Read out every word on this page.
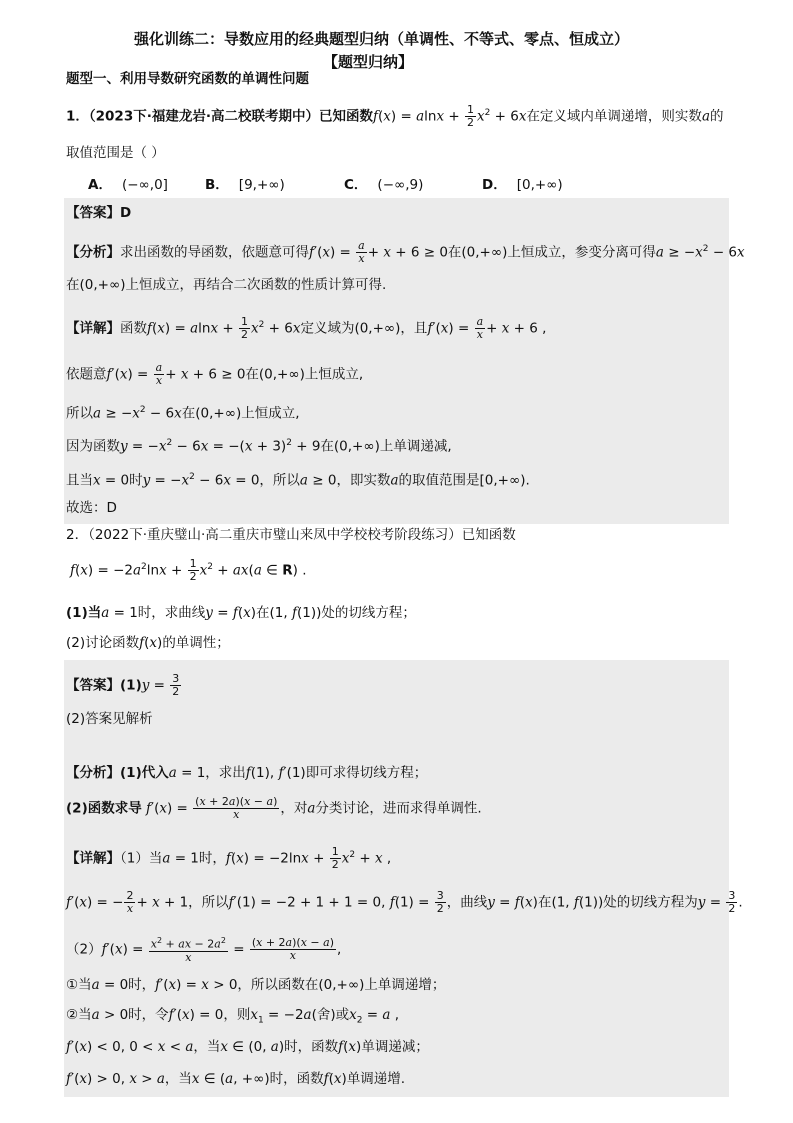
强化训练二：导数应用的经典题型归纳（单调性、不等式、零点、恒成立）
【题型归纳】
题型一、利用导数研究函数的单调性问题
1．（2023下·福建龙岩·高二校联考期中）已知函数$f(x) = alnx + \frac{1}{2} x^2 + 6x$在定义域内单调递增，则实数a的
取值范围是（ ）
A． (−∞,0]	B． [9,+∞)	C． (−∞,9)	D． [0,+∞)
【答案】D
【分析】求出函数的导函数，依题意可得$f'(x) = \frac{a}{x} + x + 6 \ge 0$在(0,+∞)上恒成立，参变分离可得$a \ge -x^2 - 6x$
在(0,+∞)上恒成立，再结合二次函数的性质计算可得.
【详解】函数$f(x) = alnx + \frac{1}{2} x^2 + 6x$定义域为(0,+∞)，且$f'(x) = \frac{a}{x} + x + 6$ ,
依题意$f'(x) = \frac{a}{x} + x + 6 \ge 0$在(0,+∞)上恒成立,
所以$a \ge -x^2 - 6x$在(0,+∞)上恒成立,
因为函数$y = -x^2 - 6x = -(x + 3)^2 + 9$在(0,+∞)上单调递减,
且当x = 0时$y = -x^2 - 6x = 0$，所以a ≥ 0，即实数a的取值范围是[0,+∞).
故选：D
2．（2022下·重庆璧山·高二重庆市璧山来凤中学校校考阶段练习）已知函数
$f(x) = -2a^2\ln x + \frac{1}{2} x^2 + ax(a$ ∈ R) .
(1)当a = 1时，求曲线y = f(x)在(1, f(1))处的切线方程；
(2)讨论函数f(x)的单调性；
【答案】$(1)y = \frac{3}{2}$
(2)答案见解析
【分析】(1)代入a = 1，求出f(1), f′(1)即可求得切线方程；
(2)函数求导 $f'(x) = \frac{(x + 2a)(x - a)}{x}$ ，对a分类讨论，进而求得单调性.
【详解】（1）当a = 1时，$f(x) = -2\ln x + \frac{1}{2} x^2 + x$ ,
f′(x) = − $\frac{2}{x} + x + 1$，所以f′(1) = −2 + 1 + 1 = 0, $f(1) = \frac{3}{2}$ ，曲线y = f(x)在(1, f(1))处的切线方程为$y = \frac{3}{2}$ .
$(2)f'(x) = \frac{x^2 + ax - 2a^2}{x} = \frac{(x + 2a)(x - a)}{x}$ ,
①当a = 0时，f′(x) = x > 0，所以函数在(0,+∞)上单调递增；
②当a > 0时，令f′(x) = 0，则$x_1 = -2a$(舍)或$x_2 = a$ ,
f′(x) < 0, 0 < x < a，当x ∈ (0, a)时，函数f(x)单调递减；
f′(x) > 0, x > a，当x ∈ (a, +∞)时，函数f(x)单调递增.
